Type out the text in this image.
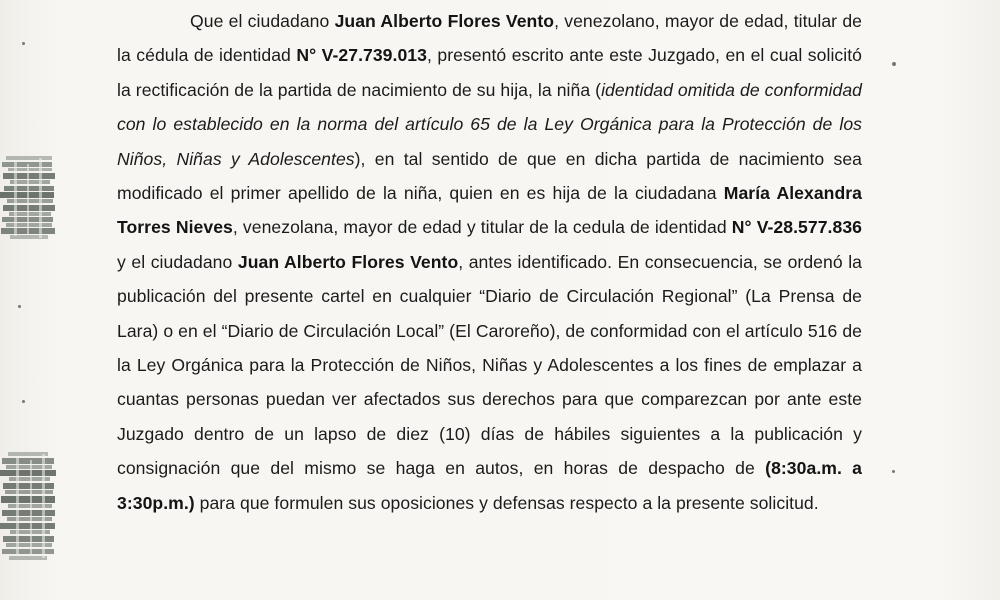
Que el ciudadano Juan Alberto Flores Vento, venezolano, mayor de edad, titular de la cédula de identidad N° V-27.739.013, presentó escrito ante este Juzgado, en el cual solicitó la rectificación de la partida de nacimiento de su hija, la niña (identidad omitida de conformidad con lo establecido en la norma del artículo 65 de la Ley Orgánica para la Protección de los Niños, Niñas y Adolescentes), en tal sentido de que en dicha partida de nacimiento sea modificado el primer apellido de la niña, quien en es hija de la ciudadana María Alexandra Torres Nieves, venezolana, mayor de edad y titular de la cedula de identidad N° V-28.577.836 y el ciudadano Juan Alberto Flores Vento, antes identificado. En consecuencia, se ordenó la publicación del presente cartel en cualquier “Diario de Circulación Regional” (La Prensa de Lara) o en el “Diario de Circulación Local” (El Caroreño), de conformidad con el artículo 516 de la Ley Orgánica para la Protección de Niños, Niñas y Adolescentes a los fines de emplazar a cuantas personas puedan ver afectados sus derechos para que comparezcan por ante este Juzgado dentro de un lapso de diez (10) días de hábiles siguientes a la publicación y consignación que del mismo se haga en autos, en horas de despacho de (8:30a.m. a 3:30p.m.) para que formulen sus oposiciones y defensas respecto a la presente solicitud.
